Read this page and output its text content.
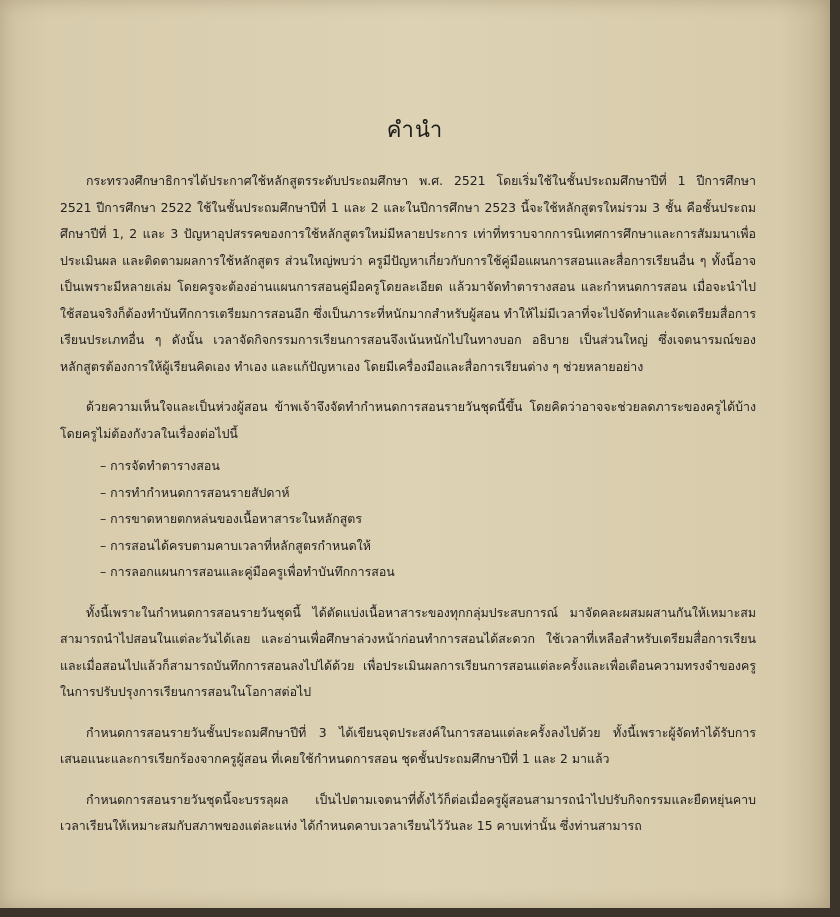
คำนำ

กระทรวงศึกษาธิการได้ประกาศใช้หลักสูตรระดับประถมศึกษา พ.ศ. 2521 โดยเริ่มใช้ในชั้นประถมศึกษาปีที่ 1 ปีการศึกษา 2521 ปีการศึกษา 2522 ใช้ในชั้นประถมศึกษาปีที่ 1 และ 2 และในปีการศึกษา 2523 นี้จะใช้หลักสูตรใหม่รวม 3 ชั้น คือชั้นประถมศึกษาปีที่ 1, 2 และ 3 ปัญหาอุปสรรคของการใช้หลักสูตรใหม่มีหลายประการ เท่าที่ทราบจากการนิเทศการศึกษาและการสัมมนาเพื่อประเมินผล และติดตามผลการใช้หลักสูตร ส่วนใหญ่พบว่า ครูมีปัญหาเกี่ยวกับการใช้คู่มือแผนการสอนและสื่อการเรียนอื่น ๆ ทั้งนี้อาจเป็นเพราะมีหลายเล่ม โดยครูจะต้องอ่านแผนการสอนคู่มือครูโดยละเอียด แล้วมาจัดทำตารางสอน และกำหนดการสอน เมื่อจะนำไปใช้สอนจริงก็ต้องทำบันทึกการเตรียมการสอนอีก ซึ่งเป็นภาระที่หนักมากสำหรับผู้สอน ทำให้ไม่มีเวลาที่จะไปจัดทำและจัดเตรียมสื่อการเรียนประเภทอื่น ๆ ดังนั้น เวลาจัดกิจกรรมการเรียนการสอนจึงเน้นหนักไปในทางบอก อธิบาย เป็นส่วนใหญ่ ซึ่งเจตนารมณ์ของหลักสูตรต้องการให้ผู้เรียนคิดเอง ทำเอง และแก้ปัญหาเอง โดยมีเครื่องมือและสื่อการเรียนต่าง ๆ ช่วยหลายอย่าง

ด้วยความเห็นใจและเป็นห่วงผู้สอน ข้าพเจ้าจึงจัดทำกำหนดการสอนรายวันชุดนี้ขึ้น โดยคิดว่าอาจจะช่วยลดภาระของครูได้บ้าง โดยครูไม่ต้องกังวลในเรื่องต่อไปนี้

– การจัดทำตารางสอน
– การทำกำหนดการสอนรายสัปดาห์
– การขาดหายตกหล่นของเนื้อหาสาระในหลักสูตร
– การสอนได้ครบตามคาบเวลาที่หลักสูตรกำหนดให้
– การลอกแผนการสอนและคู่มือครูเพื่อทำบันทึกการสอน

ทั้งนี้เพราะในกำหนดการสอนรายวันชุดนี้ ได้ตัดแบ่งเนื้อหาสาระของทุกกลุ่มประสบการณ์ มาจัดคละผสมผสานกันให้เหมาะสมสามารถนำไปสอนในแต่ละวันได้เลย และอ่านเพื่อศึกษาล่วงหน้าก่อนทำการสอนได้สะดวก ใช้เวลาที่เหลือสำหรับเตรียมสื่อการเรียน และเมื่อสอนไปแล้วก็สามารถบันทึกการสอนลงไปได้ด้วย เพื่อประเมินผลการเรียนการสอนแต่ละครั้งและเพื่อเตือนความทรงจำของครูในการปรับปรุงการเรียนการสอนในโอกาสต่อไป

กำหนดการสอนรายวันชั้นประถมศึกษาปีที่ 3 ได้เขียนจุดประสงค์ในการสอนแต่ละครั้งลงไปด้วย ทั้งนี้เพราะผู้จัดทำได้รับการเสนอแนะและการเรียกร้องจากครูผู้สอน ที่เคยใช้กำหนดการสอน ชุดชั้นประถมศึกษาปีที่ 1 และ 2 มาแล้ว

กำหนดการสอนรายวันชุดนี้จะบรรลุผล เป็นไปตามเจตนาที่ตั้งไว้ก็ต่อเมื่อครูผู้สอนสามารถนำไปปรับกิจกรรมและยืดหยุ่นคาบเวลาเรียนให้เหมาะสมกับสภาพของแต่ละแห่ง ได้กำหนดคาบเวลาเรียนไว้วันละ 15 คาบเท่านั้น ซึ่งท่านสามารถ
